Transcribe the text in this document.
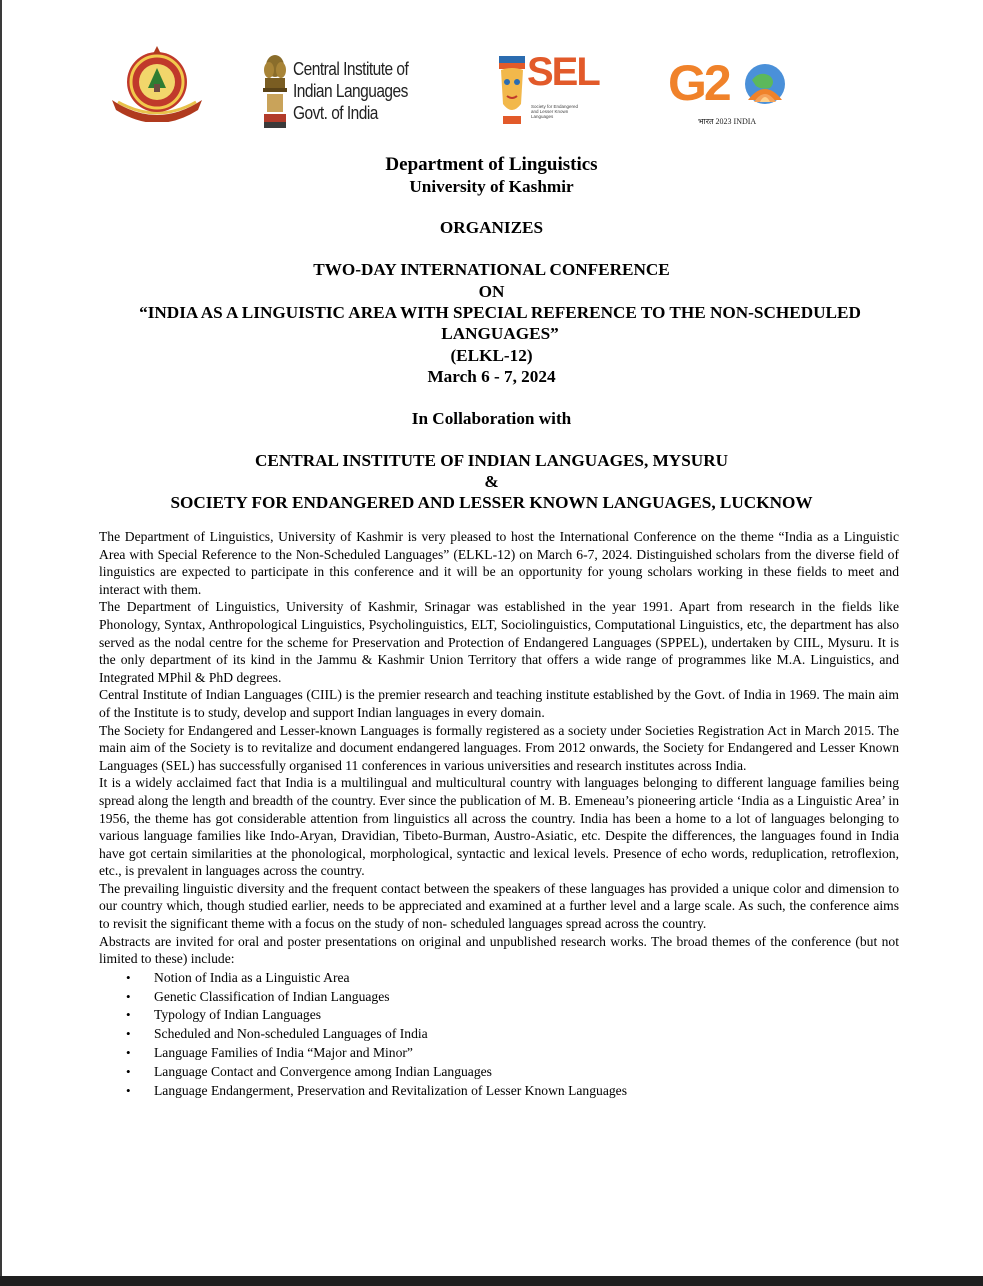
Central Institute of
Indian Languages
Govt. of India
SEL
Society for Endangered and Lesser Known Languages
G2
भारत 2023 INDIA
Department of Linguistics
University of Kashmir
ORGANIZES
TWO-DAY INTERNATIONAL CONFERENCE
ON
“INDIA AS A LINGUISTIC AREA WITH SPECIAL REFERENCE TO THE NON-SCHEDULED LANGUAGES”
(ELKL-12)
March 6 - 7, 2024
In Collaboration with
CENTRAL INSTITUTE OF INDIAN LANGUAGES, MYSURU
&
SOCIETY FOR ENDANGERED AND LESSER KNOWN LANGUAGES, LUCKNOW

The Department of Linguistics, University of Kashmir is very pleased to host the International Conference on the theme “India as a Linguistic Area with Special Reference to the Non-Scheduled Languages” (ELKL-12) on March 6-7, 2024. Distinguished scholars from the diverse field of linguistics are expected to participate in this conference and it will be an opportunity for young scholars working in these fields to meet and interact with them.

The Department of Linguistics, University of Kashmir, Srinagar was established in the year 1991. Apart from research in the fields like Phonology, Syntax, Anthropological Linguistics, Psycholinguistics, ELT, Sociolinguistics, Computational Linguistics, etc, the department has also served as the nodal centre for the scheme for Preservation and Protection of Endangered Languages (SPPEL), undertaken by CIIL, Mysuru. It is the only department of its kind in the Jammu & Kashmir Union Territory that offers a wide range of programmes like M.A. Linguistics, and Integrated MPhil & PhD degrees.

Central Institute of Indian Languages (CIIL) is the premier research and teaching institute established by the Govt. of India in 1969. The main aim of the Institute is to study, develop and support Indian languages in every domain.

The Society for Endangered and Lesser-known Languages is formally registered as a society under Societies Registration Act in March 2015. The main aim of the Society is to revitalize and document endangered languages. From 2012 onwards, the Society for Endangered and Lesser Known Languages (SEL) has successfully organised 11 conferences in various universities and research institutes across India.

It is a widely acclaimed fact that India is a multilingual and multicultural country with languages belonging to different language families being spread along the length and breadth of the country. Ever since the publication of M. B. Emeneau’s pioneering article ‘India as a Linguistic Area’ in 1956, the theme has got considerable attention from linguistics all across the country. India has been a home to a lot of languages belonging to various language families like Indo-Aryan, Dravidian, Tibeto-Burman, Austro-Asiatic, etc. Despite the differences, the languages found in India have got certain similarities at the phonological, morphological, syntactic and lexical levels. Presence of echo words, reduplication, retroflexion, etc., is prevalent in languages across the country.

The prevailing linguistic diversity and the frequent contact between the speakers of these languages has provided a unique color and dimension to our country which, though studied earlier, needs to be appreciated and examined at a further level and a large scale. As such, the conference aims to revisit the significant theme with a focus on the study of non- scheduled languages spread across the country.

Abstracts are invited for oral and poster presentations on original and unpublished research works. The broad themes of the conference (but not limited to these) include:

• Notion of India as a Linguistic Area
• Genetic Classification of Indian Languages
• Typology of Indian Languages
• Scheduled and Non-scheduled Languages of India
• Language Families of India “Major and Minor”
• Language Contact and Convergence among Indian Languages
• Language Endangerment, Preservation and Revitalization of Lesser Known Languages
